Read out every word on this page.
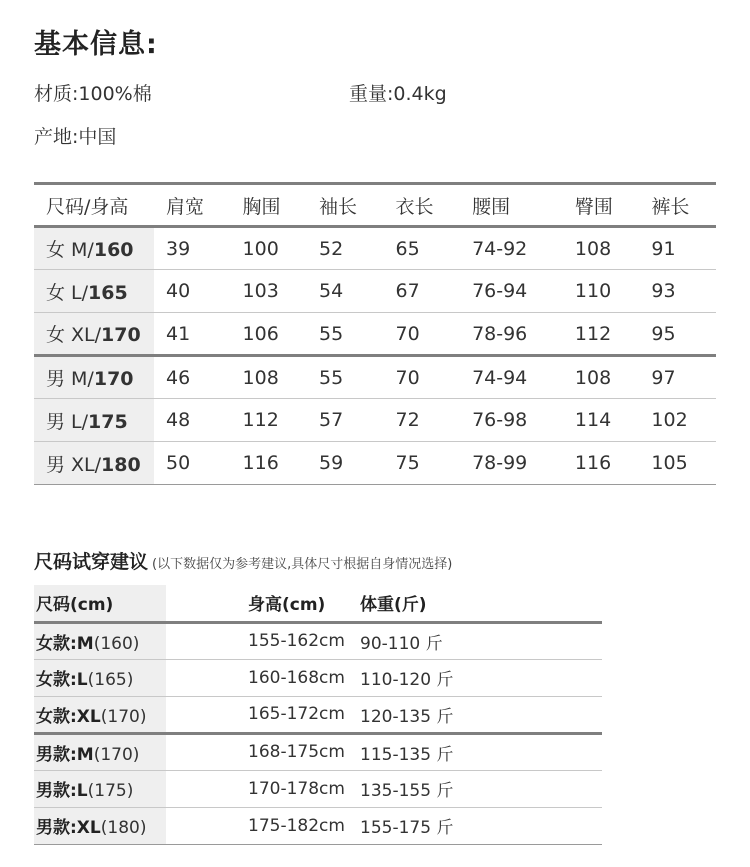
基本信息:
材质:100%棉	重量:0.4kg
产地:中国
尺码/身高	肩宽	胸围	袖长	衣长	腰围	臀围	裤长
女 M/160	39	100	52	65	74-92	108	91
女 L/165	40	103	54	67	76-94	110	93
女 XL/170	41	106	55	70	78-96	112	95
男 M/170	46	108	55	70	74-94	108	97
男 L/175	48	112	57	72	76-98	114	102
男 XL/180	50	116	59	75	78-99	116	105
尺码试穿建议 (以下数据仅为参考建议,具体尺寸根据自身情况选择)
尺码(cm)	身高(cm)	体重(斤)
女款:M(160)	155-162cm	90-110 斤
女款:L(165)	160-168cm	110-120 斤
女款:XL(170)	165-172cm	120-135 斤
男款:M(170)	168-175cm	115-135 斤
男款:L(175)	170-178cm	135-155 斤
男款:XL(180)	175-182cm	155-175 斤
